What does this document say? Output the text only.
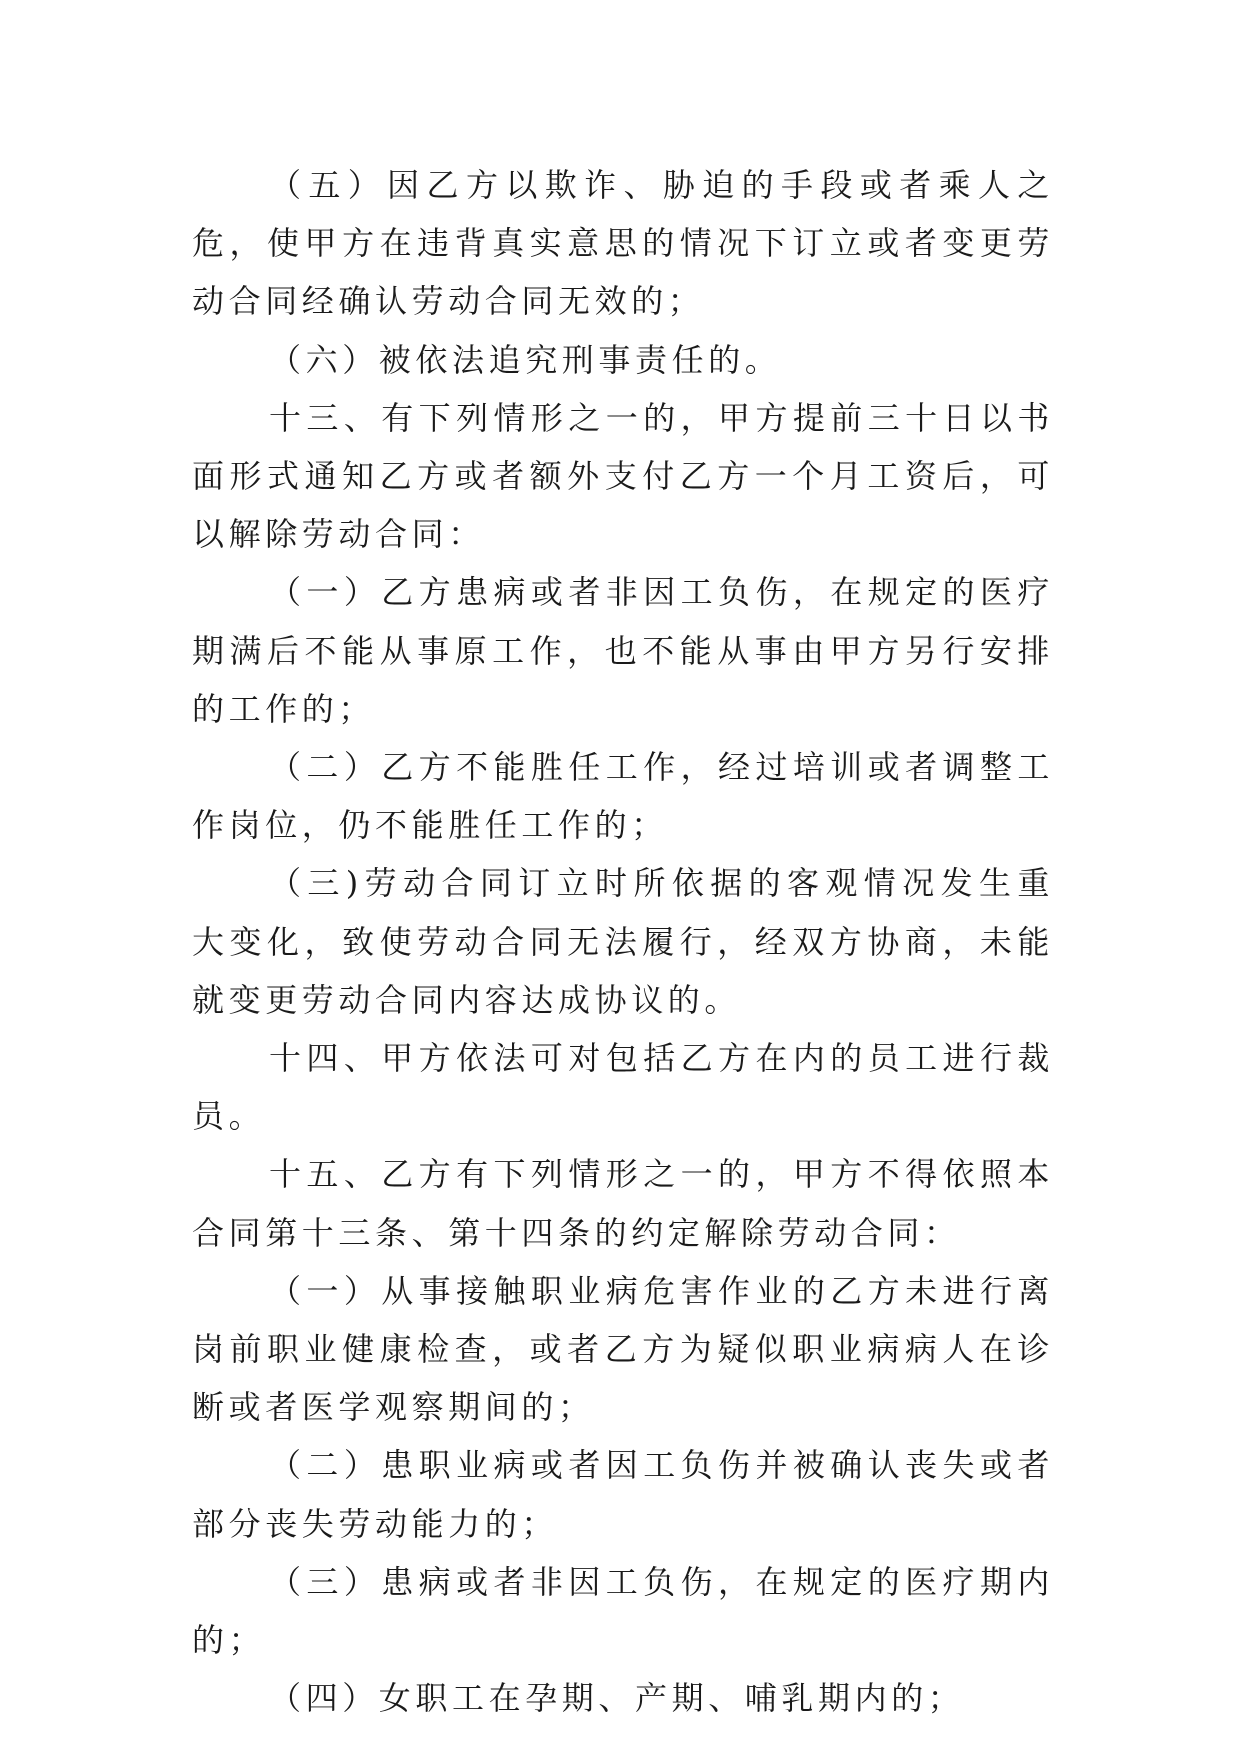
（五）因乙方以欺诈、胁迫的手段或者乘人之危，使甲方在违背真实意思的情况下订立或者变更劳动合同经确认劳动合同无效的；

（六）被依法追究刑事责任的。

十三、有下列情形之一的，甲方提前三十日以书面形式通知乙方或者额外支付乙方一个月工资后，可以解除劳动合同：

（一）乙方患病或者非因工负伤，在规定的医疗期满后不能从事原工作，也不能从事由甲方另行安排的工作的；

（二）乙方不能胜任工作，经过培训或者调整工作岗位，仍不能胜任工作的；

（三)劳动合同订立时所依据的客观情况发生重大变化，致使劳动合同无法履行，经双方协商，未能就变更劳动合同内容达成协议的。

十四、甲方依法可对包括乙方在内的员工进行裁员。

十五、乙方有下列情形之一的，甲方不得依照本合同第十三条、第十四条的约定解除劳动合同：

（一）从事接触职业病危害作业的乙方未进行离岗前职业健康检查，或者乙方为疑似职业病病人在诊断或者医学观察期间的；

（二）患职业病或者因工负伤并被确认丧失或者部分丧失劳动能力的；

（三）患病或者非因工负伤，在规定的医疗期内的；

（四）女职工在孕期、产期、哺乳期内的；
